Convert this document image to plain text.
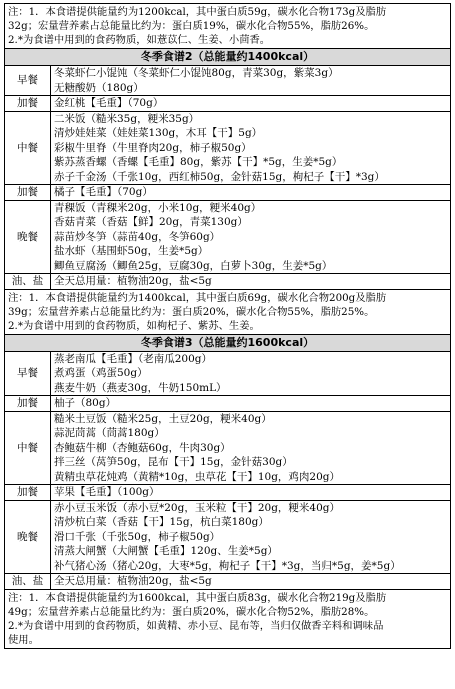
注：1．本食谱提供能量约为1200kcal，其中蛋白质59g，碳水化合物173g及脂肪
32g；宏量营养素占总能量比约为：蛋白质19%，碳水化合物55%，脂肪26%。
2.*为食谱中用到的食药物质，如薏苡仁、生姜、小茴香。	

冬季食谱2（总能量约1400kcal）	
早餐	冬菜虾仁小馄饨（冬菜虾仁小馄饨80g，青菜30g，紫菜3g）
无糖酸奶（180g）

加餐	金红桃【毛重】（70g）

中餐	二米饭（糙米35g，粳米35g）
清炒娃娃菜（娃娃菜130g，木耳【干】5g）
彩椒牛里脊（牛里脊肉20g，柿子椒50g）
紫苏蒸香螺（香螺【毛重】80g，紫苏【干】*5g，生姜*5g）
赤子千金汤（千张10g，西红柿50g，金针菇15g，枸杞子【干】*3g）

加餐	橘子【毛重】（70g）

晚餐	青稞饭（青稞米20g，小米10g，粳米40g）
香菇青菜（香菇【鲜】20g，青菜130g）
蒜苗炒冬笋（蒜苗40g，冬笋60g）
盐水虾（基围虾50g，生姜*5g）
鲫鱼豆腐汤（鲫鱼25g，豆腐30g，白萝卜30g，生姜*5g）

油、盐	全天总用量：植物油20g，盐<5g

注：1．本食谱提供能量约为1400kcal，其中蛋白质69g，碳水化合物200g及脂肪
39g；宏量营养素占总能量比约为：蛋白质20%，碳水化合物55%，脂肪25%。
2.*为食谱中用到的食药物质，如枸杞子、紫苏、生姜。	

冬季食谱3（总能量约1600kcal）	
早餐	蒸老南瓜【毛重】（老南瓜200g）
煮鸡蛋（鸡蛋50g）
燕麦牛奶（燕麦30g，牛奶150mL）

加餐	柚子（80g）

中餐	糙米土豆饭（糙米25g，土豆20g，粳米40g）
蒜泥茼蒿（茼蒿180g）
杏鲍菇牛柳（杏鲍菇60g，牛肉30g）
拌三丝（莴笋50g，昆布【干】15g，金针菇30g）
黄精虫草花炖鸡（黄精*10g，虫草花【干】10g，鸡肉20g）

加餐	苹果【毛重】（100g）

晚餐	赤小豆玉米饭（赤小豆*20g，玉米粒【干】20g，粳米40g）
清炒杭白菜（香菇【干】15g，杭白菜180g）
滑口千张（千张50g，柿子椒50g）
清蒸大闸蟹（大闸蟹【毛重】120g、生姜*5g）
补气猪心汤（猪心20g，大枣*5g，枸杞子【干】*3g，当归*5g，姜*5g）

油、盐	全天总用量：植物油20g，盐<5g

注：1．本食谱提供能量约为1600kcal，其中蛋白质83g，碳水化合物219g及脂肪
49g；宏量营养素占总能量比约为：蛋白质20%，碳水化合物52%，脂肪28%。
2.*为食谱中用到的食药物质，如黄精、赤小豆、昆布等，当归仅做香辛料和调味品
使用。	
